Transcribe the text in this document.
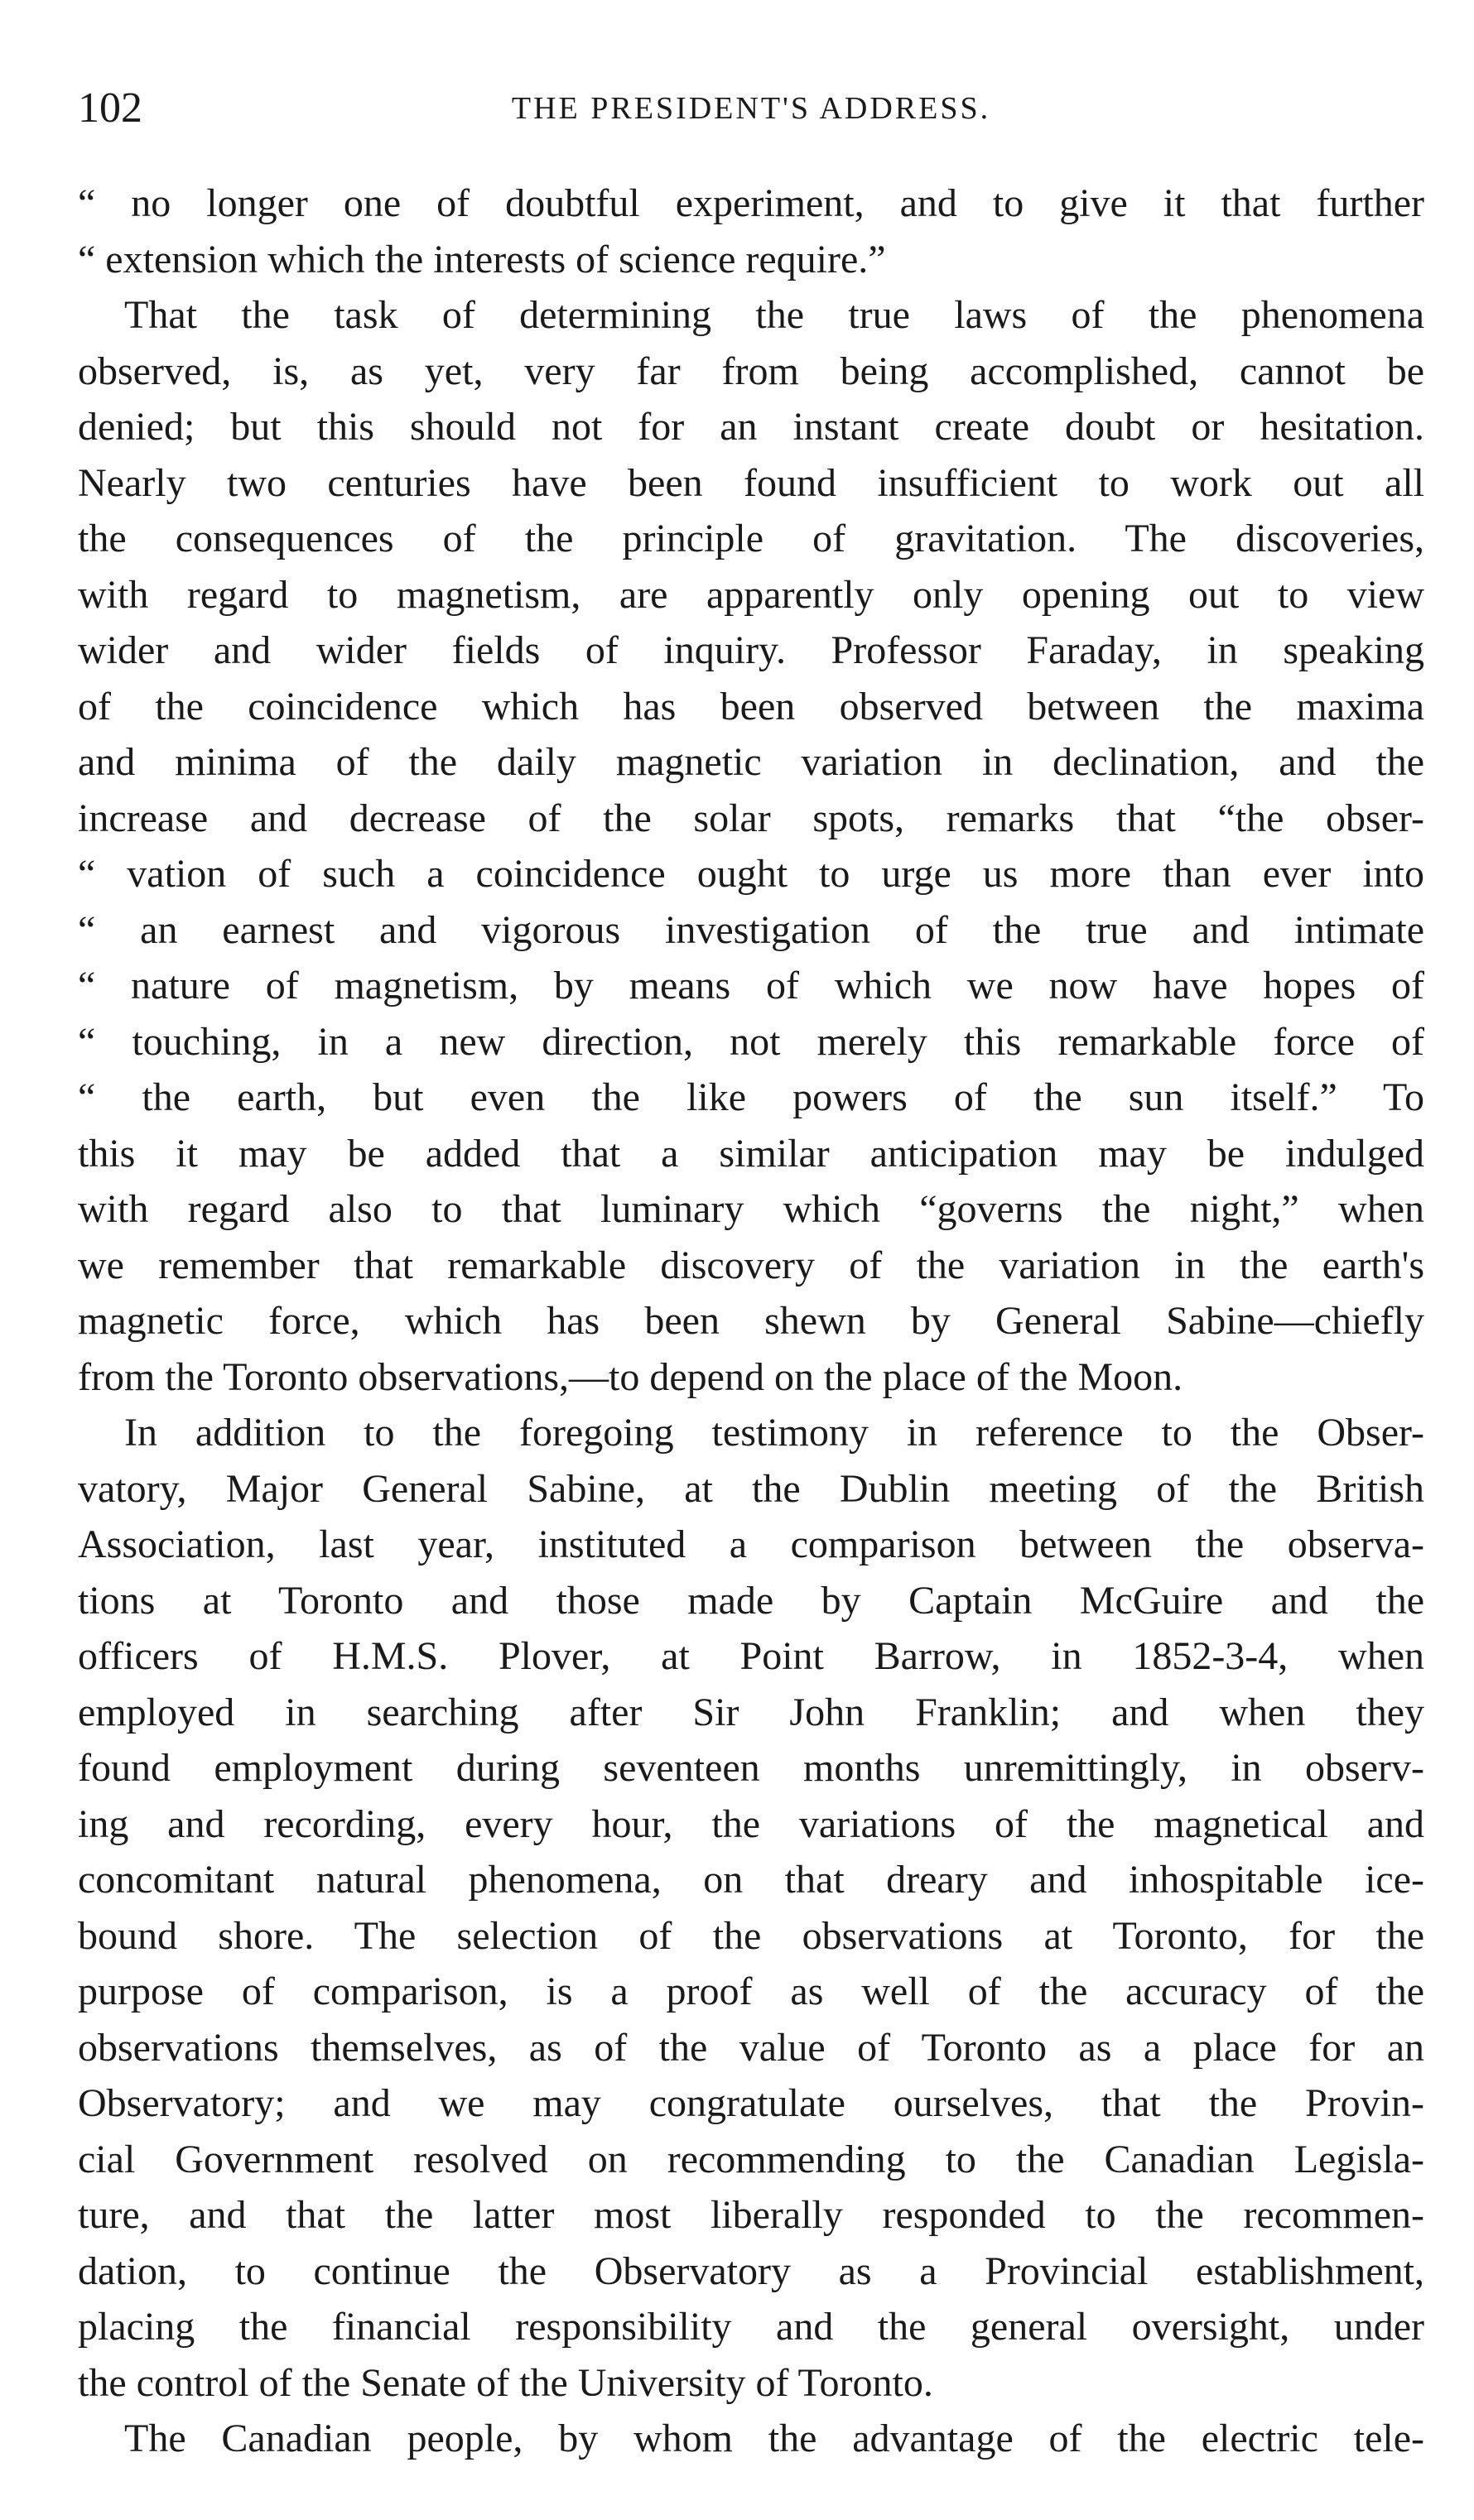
102	THE PRESIDENT'S ADDRESS.
“ no longer one of doubtful experiment, and to give it that further
“ extension which the interests of science require.”
That the task of determining the true laws of the phenomena
observed, is, as yet, very far from being accomplished, cannot be
denied; but this should not for an instant create doubt or hesitation.
Nearly two centuries have been found insufficient to work out all
the consequences of the principle of gravitation. The discoveries,
with regard to magnetism, are apparently only opening out to view
wider and wider fields of inquiry. Professor Faraday, in speaking
of the coincidence which has been observed between the maxima
and minima of the daily magnetic variation in declination, and the
increase and decrease of the solar spots, remarks that “the obser-
“ vation of such a coincidence ought to urge us more than ever into
“ an earnest and vigorous investigation of the true and intimate
“ nature of magnetism, by means of which we now have hopes of
“ touching, in a new direction, not merely this remarkable force of
“ the earth, but even the like powers of the sun itself.” To
this it may be added that a similar anticipation may be indulged
with regard also to that luminary which “governs the night,” when
we remember that remarkable discovery of the variation in the earth's
magnetic force, which has been shewn by General Sabine—chiefly
from the Toronto observations,—to depend on the place of the Moon.
In addition to the foregoing testimony in reference to the Obser-
vatory, Major General Sabine, at the Dublin meeting of the British
Association, last year, instituted a comparison between the observa-
tions at Toronto and those made by Captain McGuire and the
officers of H.M.S. Plover, at Point Barrow, in 1852-3-4, when
employed in searching after Sir John Franklin; and when they
found employment during seventeen months unremittingly, in observ-
ing and recording, every hour, the variations of the magnetical and
concomitant natural phenomena, on that dreary and inhospitable ice-
bound shore. The selection of the observations at Toronto, for the
purpose of comparison, is a proof as well of the accuracy of the
observations themselves, as of the value of Toronto as a place for an
Observatory; and we may congratulate ourselves, that the Provin-
cial Government resolved on recommending to the Canadian Legisla-
ture, and that the latter most liberally responded to the recommen-
dation, to continue the Observatory as a Provincial establishment,
placing the financial responsibility and the general oversight, under
the control of the Senate of the University of Toronto.
The Canadian people, by whom the advantage of the electric tele-
